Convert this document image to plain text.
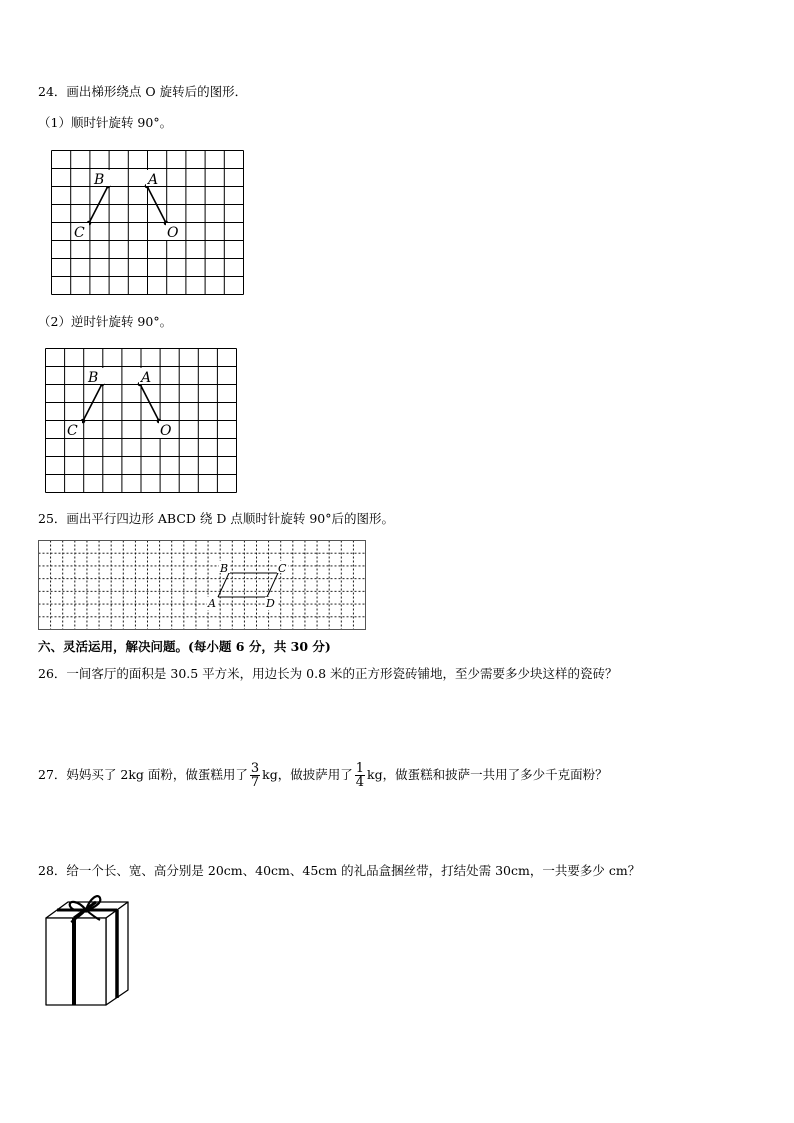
24．画出梯形绕点 O 旋转后的图形．
（1）顺时针旋转 90°。
B	A
C	O
（2）逆时针旋转 90°。
B	A
C	O
25．画出平行四边形 ABCD 绕 D 点顺时针旋转 90°后的图形。
B	C
A	D
六、灵活运用，解决问题。(每小题 6 分，共 30 分)
26．一间客厅的面积是 30.5 平方米，用边长为 0.8 米的正方形瓷砖铺地，至少需要多少块这样的瓷砖？
27．妈妈买了 2kg 面粉，做蛋糕用了 $\frac{3}{7}$ kg，做披萨用了 $\frac{1}{4}$ kg，做蛋糕和披萨一共用了多少千克面粉？
28．给一个长、宽、高分别是 20cm、40cm、45cm 的礼品盒捆丝带，打结处需 30cm，一共要多少 cm？
